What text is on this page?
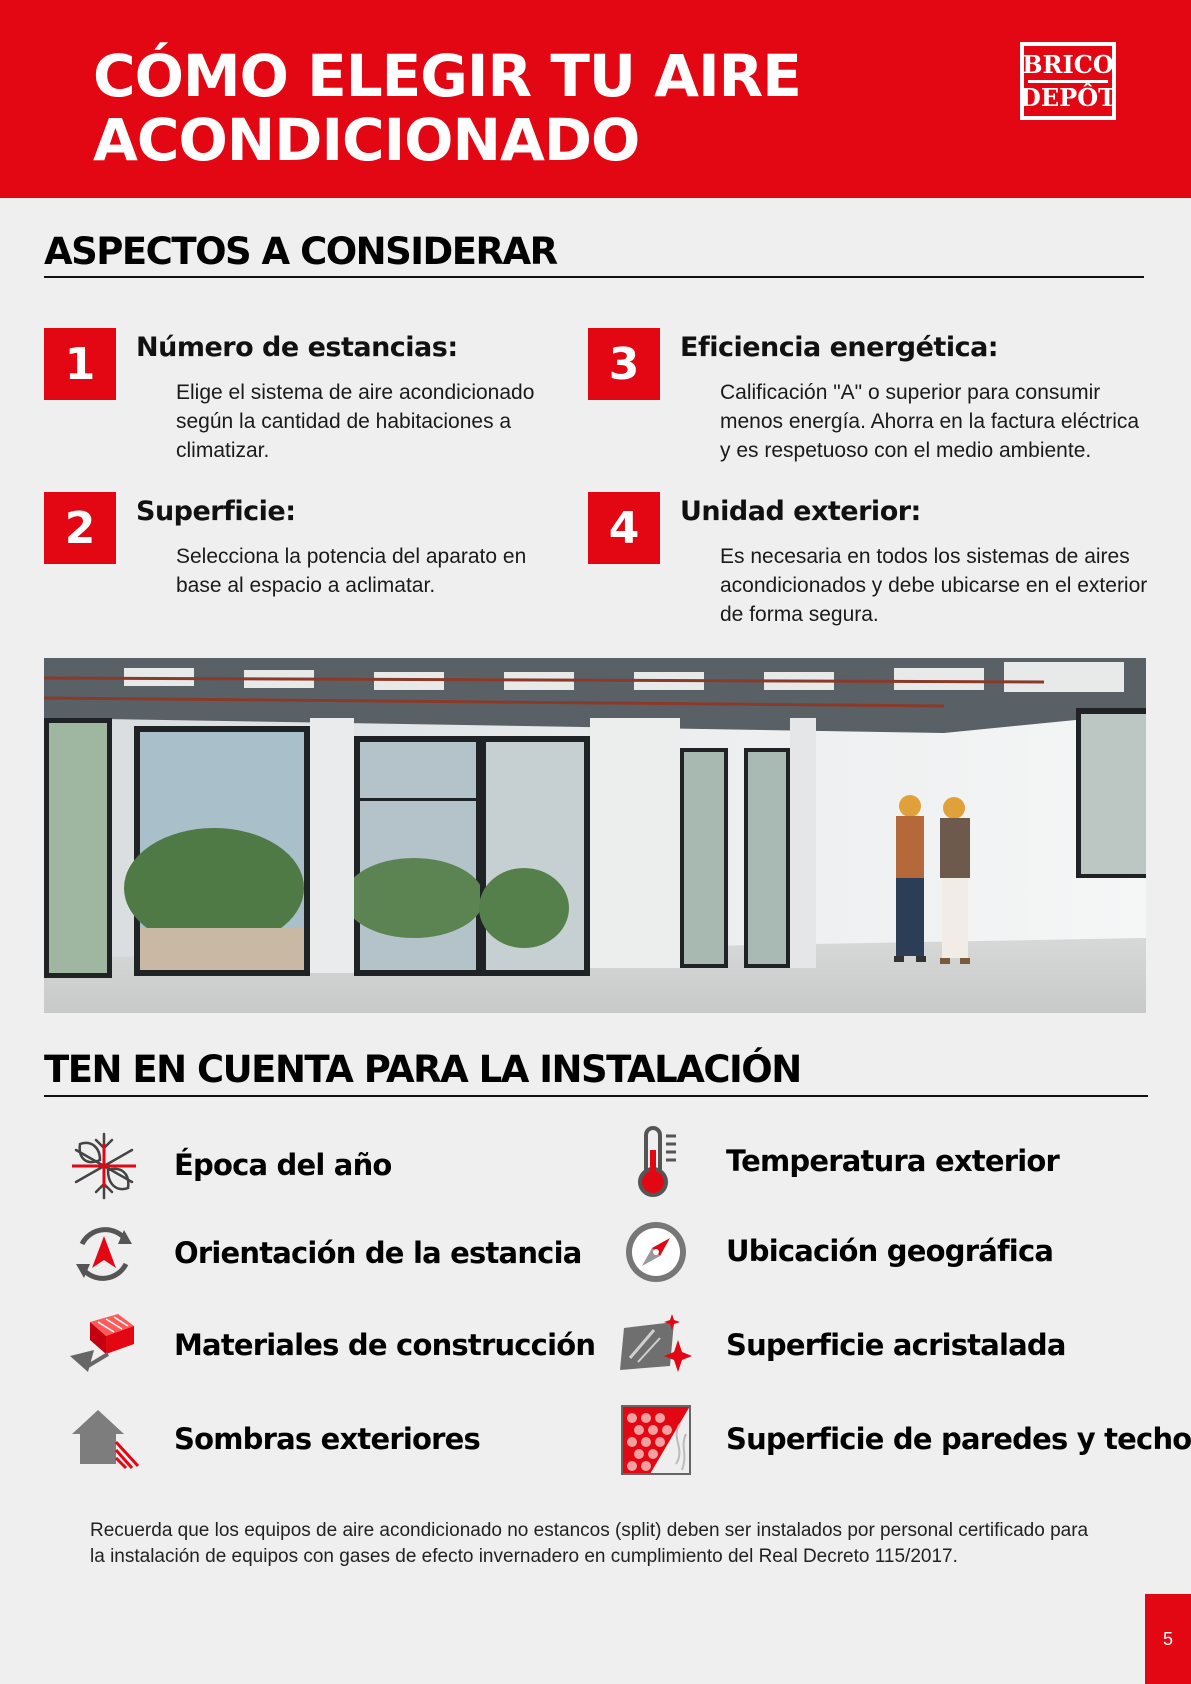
CÓMO ELEGIR TU AIRE
ACONDICIONADO
BRICO
DEPÔT
ASPECTOS A CONSIDERAR
1	Número de estancias:

Elige el sistema de aire acondicionado según la cantidad de habitaciones a climatizar.

2	Superficie:

Selecciona la potencia del aparato en base al espacio a aclimatar.

3	Eficiencia energética:

Calificación "A" o superior para consumir menos energía. Ahorra en la factura eléctrica y es respetuoso con el medio ambiente.

4	Unidad exterior:

Es necesaria en todos los sistemas de aires acondicionados y debe ubicarse en el exterior de forma segura.

TEN EN CUENTA PARA LA INSTALACIÓN
Época del año
Orientación de la estancia
Materiales de construcción
Sombras exteriores
Temperatura exterior
Ubicación geográfica
Superficie acristalada
Superficie de paredes y techo

Recuerda que los equipos de aire acondicionado no estancos (split) deben ser instalados por personal certificado para la instalación de equipos con gases de efecto invernadero en cumplimiento del Real Decreto 115/2017.

5
